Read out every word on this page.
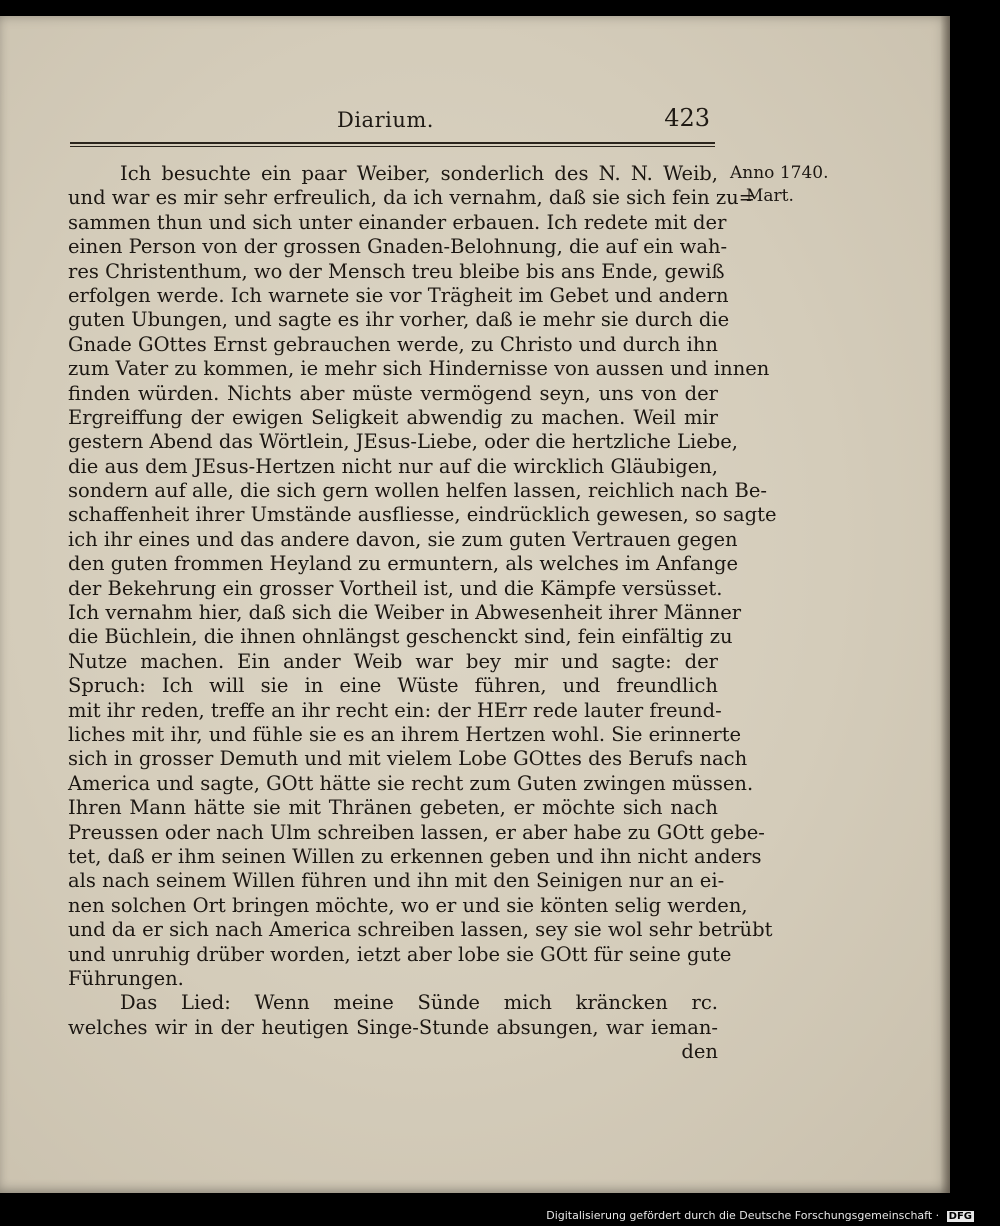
Diarium.	423
Anno 1740.
Mart.
Ich besuchte ein paar Weiber, sonderlich des N. N. Weib,
und war es mir sehr erfreulich, da ich vernahm, daß sie sich fein zu=
sammen thun und sich unter einander erbauen. Ich redete mit der
einen Person von der grossen Gnaden-Belohnung, die auf ein wah-
res Christenthum, wo der Mensch treu bleibe bis ans Ende, gewiß
erfolgen werde. Ich warnete sie vor Trägheit im Gebet und andern
guten Ubungen, und sagte es ihr vorher, daß ie mehr sie durch die
Gnade GOttes Ernst gebrauchen werde, zu Christo und durch ihn
zum Vater zu kommen, ie mehr sich Hindernisse von aussen und innen
finden würden. Nichts aber müste vermögend seyn, uns von der
Ergreiffung der ewigen Seligkeit abwendig zu machen. Weil mir
gestern Abend das Wörtlein, JEsus-Liebe, oder die hertzliche Liebe,
die aus dem JEsus-Hertzen nicht nur auf die wircklich Gläubigen,
sondern auf alle, die sich gern wollen helfen lassen, reichlich nach Be-
schaffenheit ihrer Umstände ausfliesse, eindrücklich gewesen, so sagte
ich ihr eines und das andere davon, sie zum guten Vertrauen gegen
den guten frommen Heyland zu ermuntern, als welches im Anfange
der Bekehrung ein grosser Vortheil ist, und die Kämpfe versüsset.
Ich vernahm hier, daß sich die Weiber in Abwesenheit ihrer Männer
die Büchlein, die ihnen ohnlängst geschenckt sind, fein einfältig zu
Nutze machen. Ein ander Weib war bey mir und sagte: der
Spruch: Ich will sie in eine Wüste führen, und freundlich
mit ihr reden, treffe an ihr recht ein: der HErr rede lauter freund-
liches mit ihr, und fühle sie es an ihrem Hertzen wohl. Sie erinnerte
sich in grosser Demuth und mit vielem Lobe GOttes des Berufs nach
America und sagte, GOtt hätte sie recht zum Guten zwingen müssen.
Ihren Mann hätte sie mit Thränen gebeten, er möchte sich nach
Preussen oder nach Ulm schreiben lassen, er aber habe zu GOtt gebe-
tet, daß er ihm seinen Willen zu erkennen geben und ihn nicht anders
als nach seinem Willen führen und ihn mit den Seinigen nur an ei-
nen solchen Ort bringen möchte, wo er und sie könten selig werden,
und da er sich nach America schreiben lassen, sey sie wol sehr betrübt
und unruhig drüber worden, ietzt aber lobe sie GOtt für seine gute
Führungen.
Das Lied: Wenn meine Sünde mich kräncken rc.
welches wir in der heutigen Singe-Stunde absungen, war ieman-
den
Digitalisierung gefördert durch die Deutsche Forschungsgemeinschaft · DFG
